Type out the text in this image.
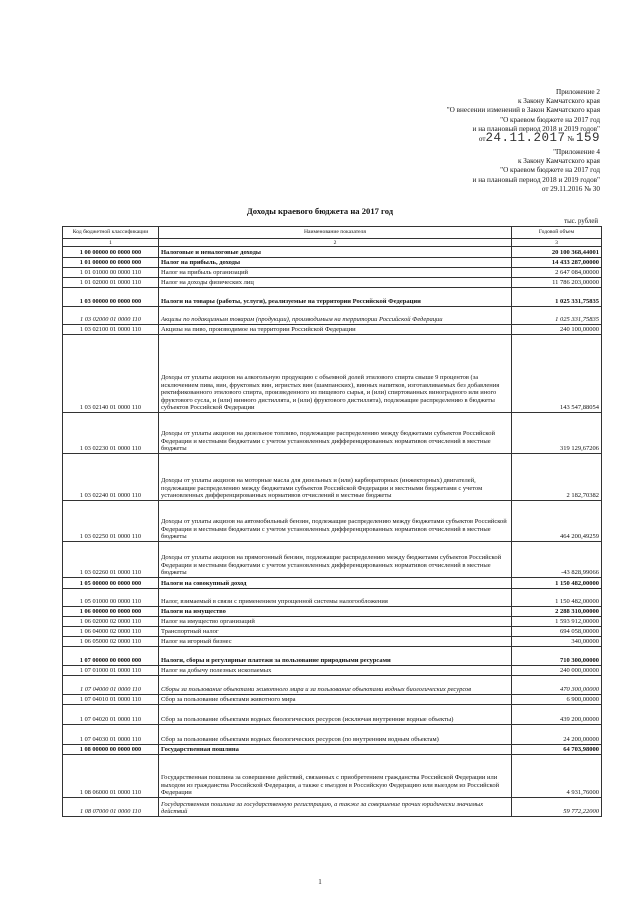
Приложение 2
к Закону Камчатского края
"О внесении изменений в Закон Камчатского края
"О краевом бюджете на 2017 год
и на плановый период 2018 и 2019 годов"
от24.11.2017 № 159
"Приложение 4
к Закону Камчатского края
"О краевом бюджете на 2017 год
и на плановый период 2018 и 2019 годов"
от 29.11.2016 № 30
Доходы краевого бюджета на 2017 год
тыс. рублей
Код бюджетной классификации	Наименование показателя	Годовой объем
1	2	3
1 00 00000 00 0000 000	Налоговые и неналоговые доходы	20 100 368,44001
1 01 00000 00 0000 000	Налог на прибыль, доходы	14 433 287,00000
1 01 01000 00 0000 110	Налог на прибыль организаций	2 647 084,00000
1 01 02000 01 0000 110	Налог на доходы физических лиц	11 786 203,00000
1 03 00000 00 0000 000	Налоги на товары (работы, услуги), реализуемые на территории Российской Федерации	1 025 331,75835
1 03 02000 01 0000 110	Акцизы по подакцизным товарам (продукции), производимым на территории Российской Федерации	1 025 331,75835
1 03 02100 01 0000 110	Акцизы на пиво, производимое на территории Российской Федерации	240 100,00000
1 03 02140 01 0000 110	Доходы от уплаты акцизов на алкогольную продукцию с объемной долей этилового спирта свыше 9 процентов (за исключением пива, вин, фруктовых вин, игристых вин (шампанских), винных напитков, изготавливаемых без добавления ректификованного этилового спирта, произведенного из пищевого сырья, и (или) спиртованных виноградного или иного фруктового сусла, и (или) винного дистиллята, и (или) фруктового дистиллята), подлежащие распределению в бюджеты субъектов Российской Федерации	143 547,88054
1 03 02230 01 0000 110	Доходы от уплаты акцизов на дизельное топливо, подлежащие распределению между бюджетами субъектов Российской Федерации и местными бюджетами с учетом установленных дифференцированных нормативов отчислений в местные бюджеты	319 129,67206
1 03 02240 01 0000 110	Доходы от уплаты акцизов на моторные масла для дизельных и (или) карбюраторных (инжекторных) двигателей, подлежащие распределению между бюджетами субъектов Российской Федерации и местными бюджетами с учетом установленных дифференцированных нормативов отчислений в местные бюджеты	2 182,70382
1 03 02250 01 0000 110	Доходы от уплаты акцизов на автомобильный бензин, подлежащие распределению между бюджетами субъектов Российской Федерации и местными бюджетами с учетом установленных дифференцированных нормативов отчислений в местные бюджеты	464 200,49259
1 03 02260 01 0000 110	Доходы от уплаты акцизов на прямогонный бензин, подлежащие распределению между бюджетами субъектов Российской Федерации и местными бюджетами с учетом установленных дифференцированных нормативов отчислений в местные бюджеты	-43 828,99066
1 05 00000 00 0000 000	Налоги на совокупный доход	1 150 482,00000
1 05 01000 00 0000 110	Налог, взимаемый в связи с применением упрощенной системы налогообложения	1 150 482,00000
1 06 00000 00 0000 000	Налоги на имущество	2 288 310,00000
1 06 02000 02 0000 110	Налог на имущество организаций	1 593 912,00000
1 06 04000 02 0000 110	Транспортный налог	694 058,00000
1 06 05000 02 0000 110	Налог на игорный бизнес	340,00000
1 07 00000 00 0000 000	Налоги, сборы и регулярные платежи за пользование природными ресурсами	710 300,00000
1 07 01000 01 0000 110	Налог на добычу полезных ископаемых	240 000,00000
1 07 04000 01 0000 110	Сборы за пользование объектами животного мира и за пользование объектами водных биологических ресурсов	470 300,00000
1 07 04010 01 0000 110	Сбор за пользование объектами животного мира	6 900,00000
1 07 04020 01 0000 110	Сбор за пользование объектами водных биологических ресурсов (исключая внутренние водные объекты)	439 200,00000
1 07 04030 01 0000 110	Сбор за пользование объектами водных биологических ресурсов (по внутренним водным объектам)	24 200,00000
1 08 00000 00 0000 000	Государственная пошлина	64 703,98000
1 08 06000 01 0000 110	Государственная пошлина за совершение действий, связанных с приобретением гражданства Российской Федерации или выходом из гражданства Российской Федерации, а также с въездом в Российскую Федерацию или выездом из Российской Федерации	4 931,76000
1 08 07000 01 0000 110	Государственная пошлина за государственную регистрацию, а также за совершение прочих юридически значимых действий	59 772,22000
1
